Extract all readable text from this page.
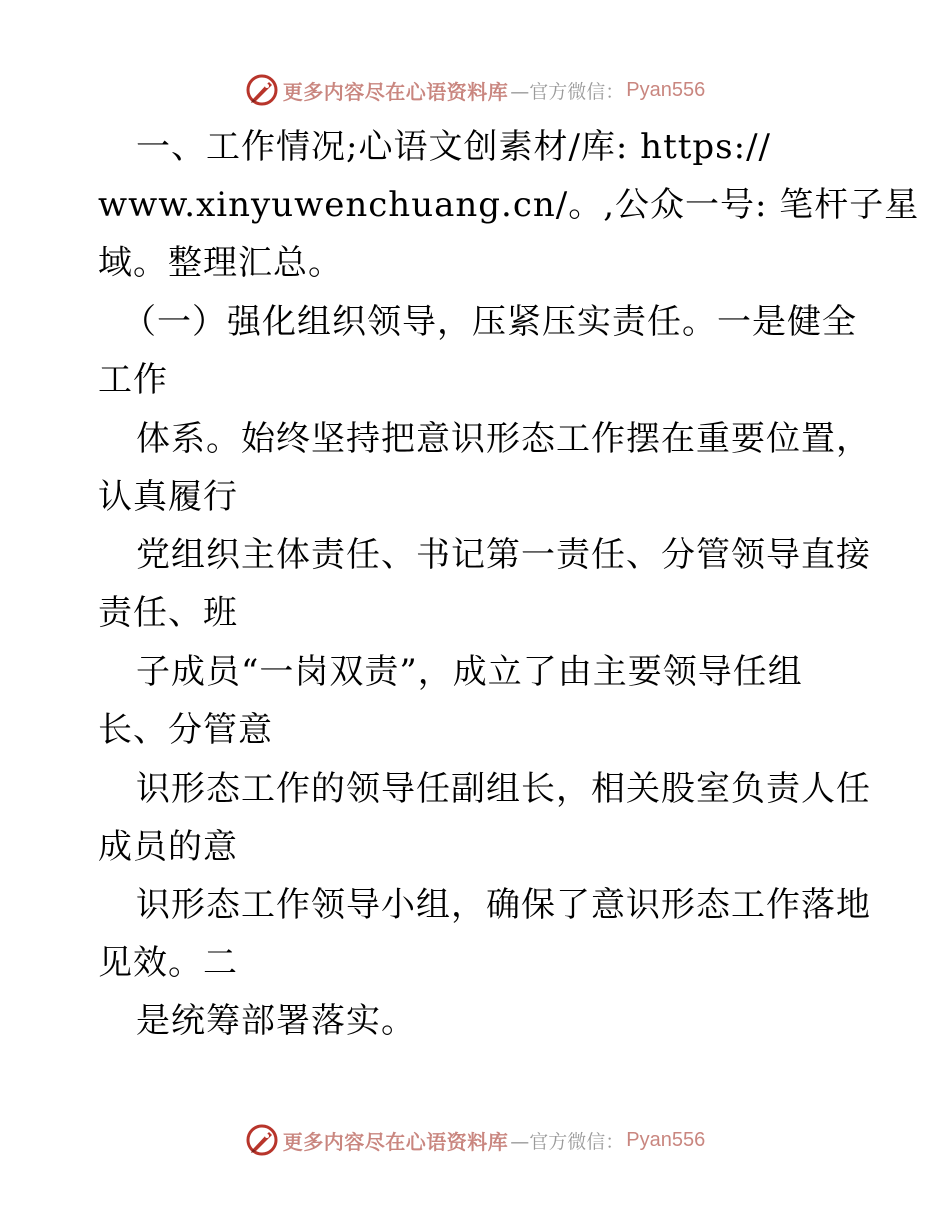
更多内容尽在心语资料库 —官方微信： Pyan556
一、工作情况;心语文创素材/库: https://
www.xinyuwenchuang.cn/。,公众一号: 笔杆子星
域。整理汇总。
（一）强化组织领导，压紧压实责任。一是健全
工作
体系。始终坚持把意识形态工作摆在重要位置，
认真履行
党组织主体责任、书记第一责任、分管领导直接
责任、班
子成员“一岗双责”，成立了由主要领导任组
长、分管意
识形态工作的领导任副组长，相关股室负责人任
成员的意
识形态工作领导小组，确保了意识形态工作落地
见效。二
是统筹部署落实。
更多内容尽在心语资料库 —官方微信： Pyan556
